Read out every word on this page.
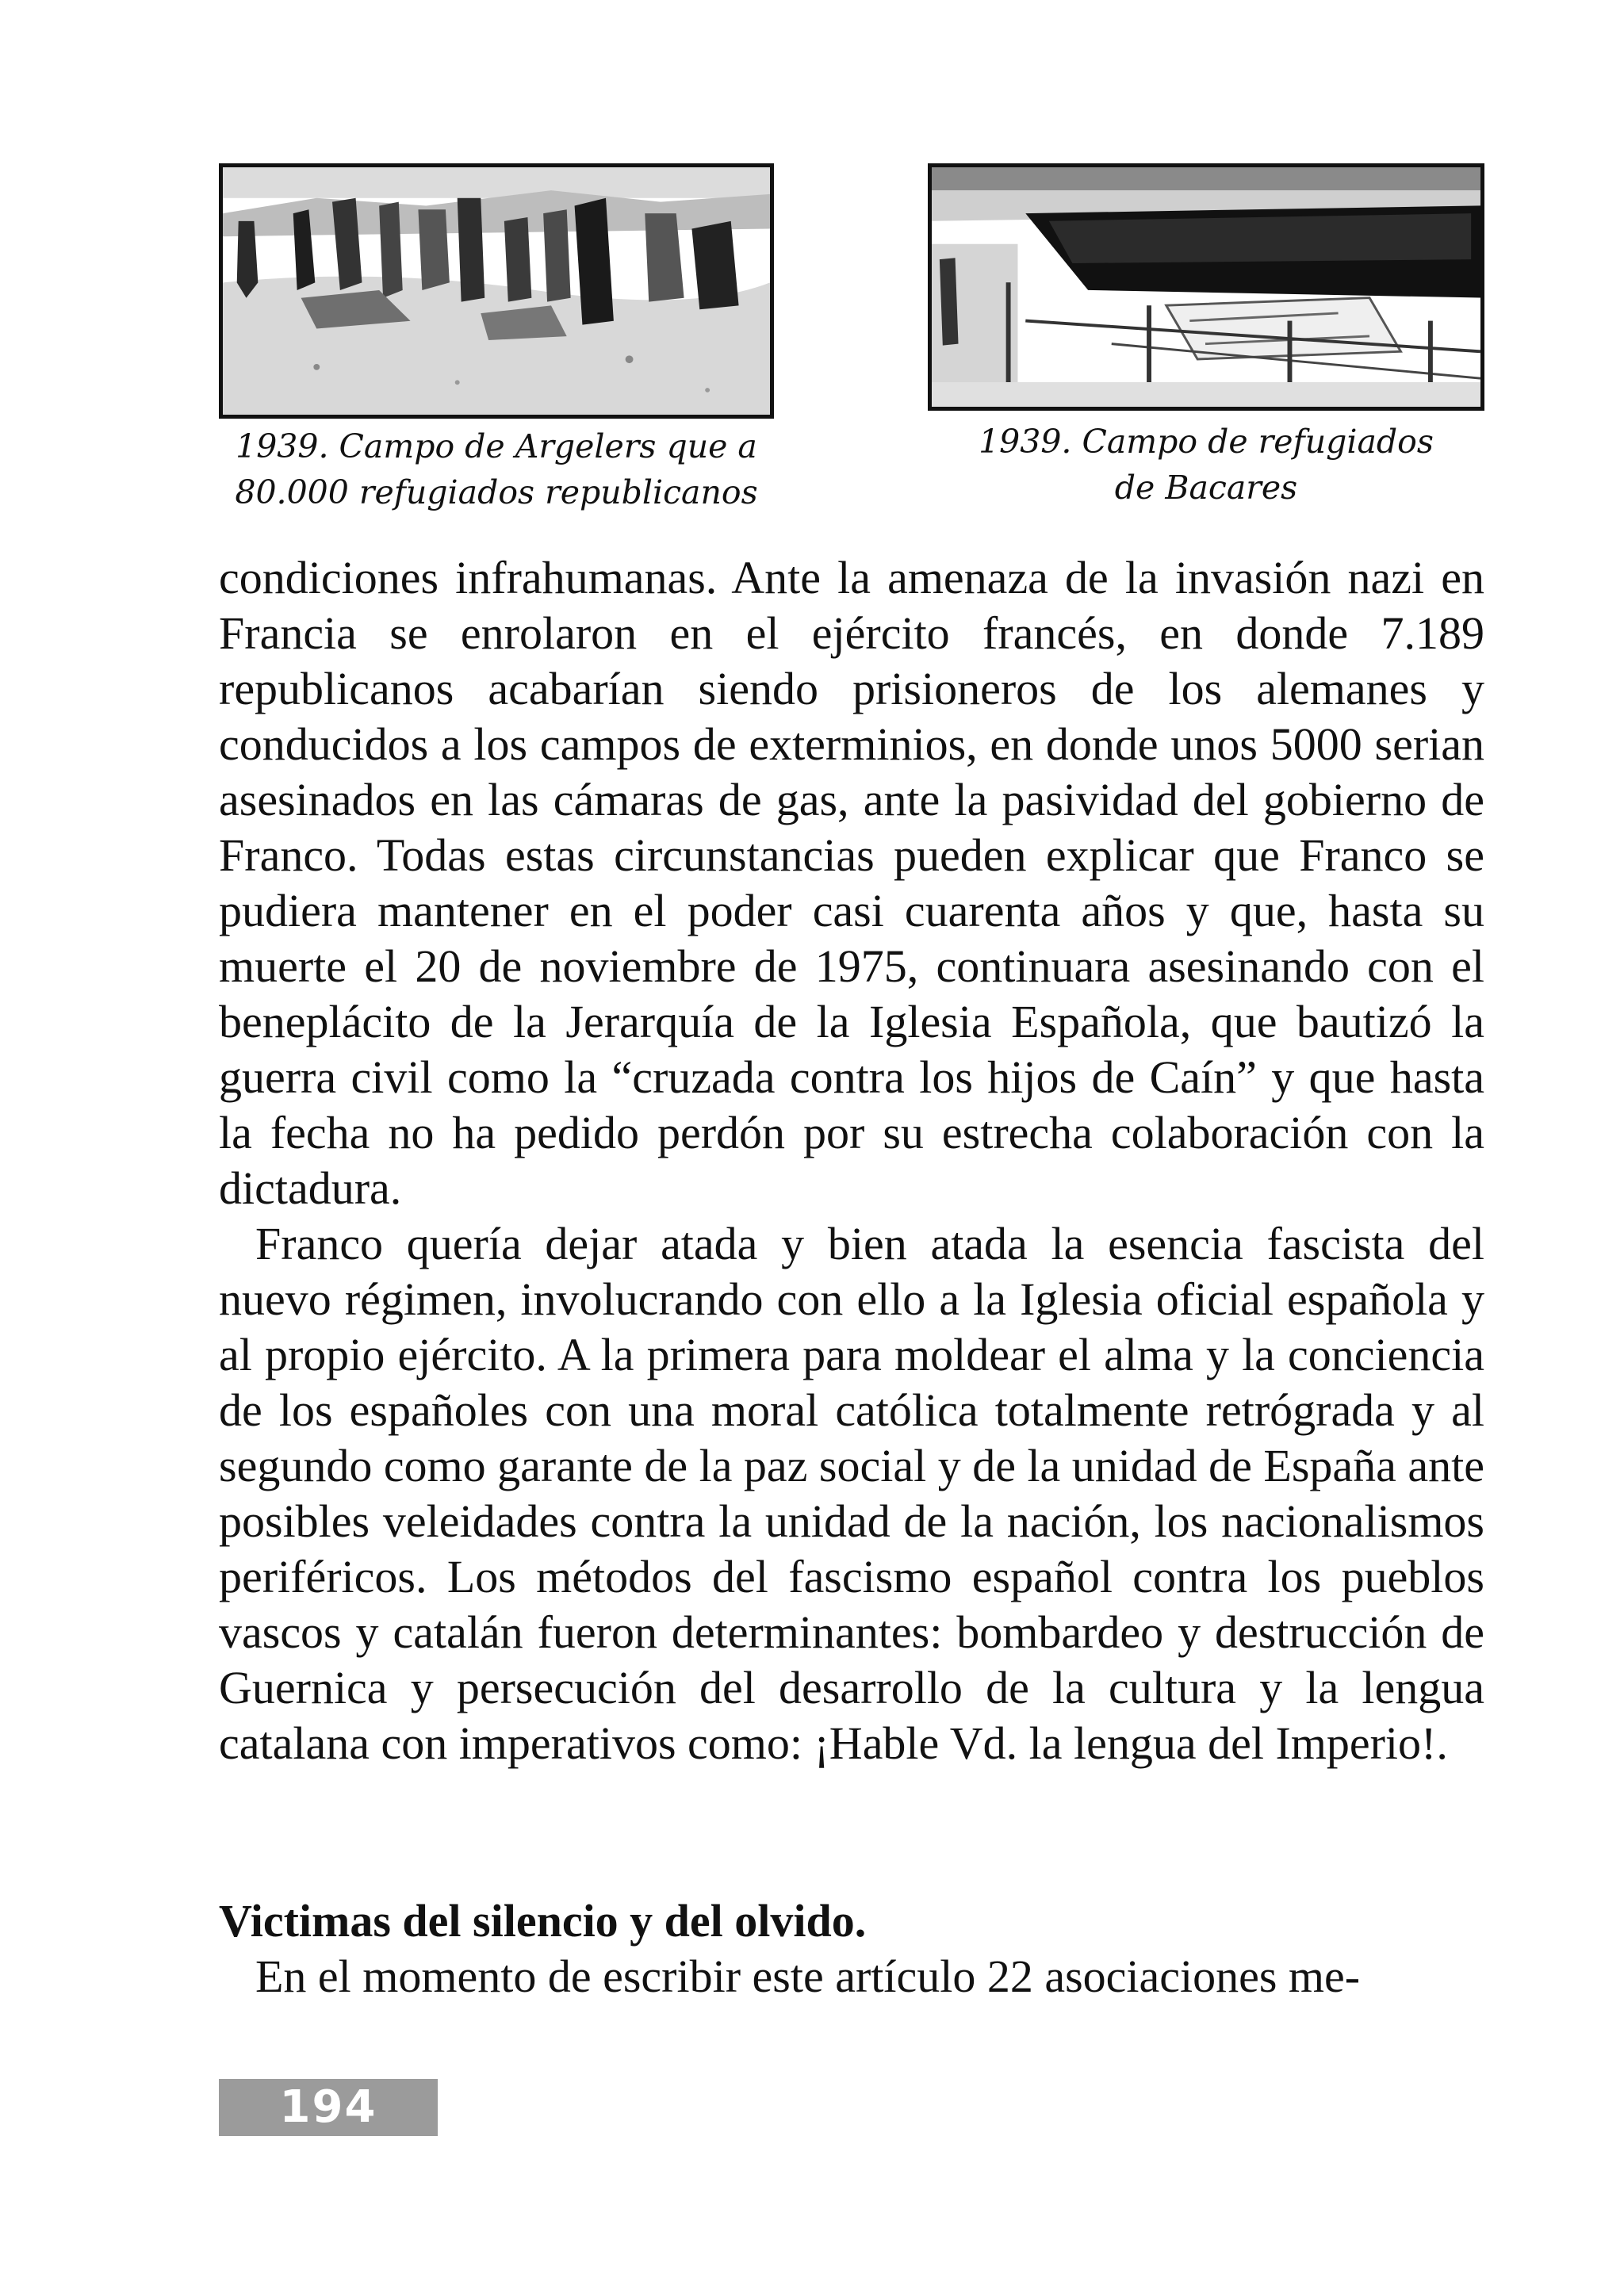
1939. Campo de Argelers que a
80.000 refugiados republicanos
1939. Campo de refugiados
de Bacares

condiciones infrahumanas. Ante la amenaza de la invasión nazi en Francia se enrolaron en el ejército francés, en donde 7.189 republicanos acabarían siendo prisioneros de los alemanes y conducidos a los campos de exterminios, en donde unos 5000 serian asesinados en las cámaras de gas, ante la pasividad del gobierno de Franco. Todas estas circunstancias pueden explicar que Franco se pudiera mantener en el poder casi cuarenta años y que, hasta su muerte el 20 de noviembre de 1975, continuara asesinando con el beneplácito de la Jerarquía de la Iglesia Española, que bautizó la guerra civil como la “cruzada contra los hijos de Caín” y que hasta la fecha no ha pedido perdón por su estrecha colaboración con la dictadura.

Franco quería dejar atada y bien atada la esencia fascista del nuevo régimen, involucrando con ello a la Iglesia oficial española y al propio ejército. A la primera para moldear el alma y la conciencia de los españoles con una moral católica totalmente retrógrada y al segundo como garante de la paz social y de la unidad de España ante posibles veleidades contra la unidad de la nación, los nacionalismos periféricos. Los métodos del fascismo español contra los pueblos vascos y catalán fueron determinantes: bombardeo y destrucción de Guernica y persecución del desarrollo de la cultura y la lengua catalana con imperativos como: ¡Hable Vd. la lengua del Imperio!.

Victimas del silencio y del olvido.
En el momento de escribir este artículo 22 asociaciones me-
194
